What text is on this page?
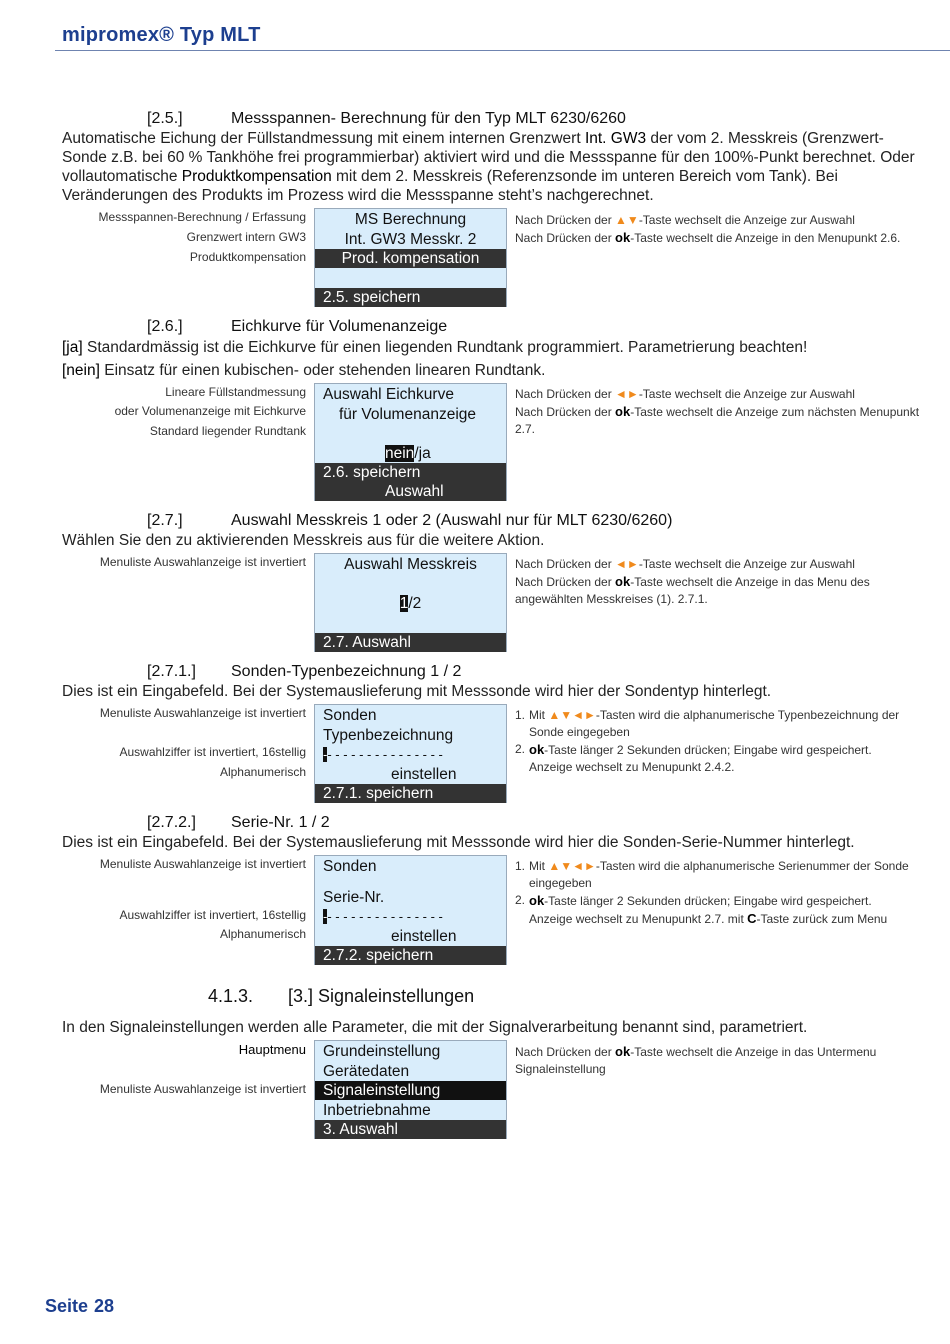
mipromex® Typ MLT
[2.5.]	Messspannen- Berechnung für den Typ MLT 6230/6260
Automatische Eichung der Füllstandmessung mit einem internen Grenzwert Int. GW3 der vom 2. Messkreis (Grenzwert-Sonde z.B. bei 60 % Tankhöhe frei programmierbar) aktiviert wird und die Messspanne für den 100%-Punkt berechnet. Oder vollautomatische Produktkompensation mit dem 2. Messkreis (Referenzsonde im unteren Bereich vom Tank). Bei Veränderungen des Produkts im Prozess wird die Messspanne steht’s nachgerechnet.
Messspannen-Berechnung / Erfassung
Grenzwert intern GW3
Produktkompensation
MS Berechnung
Int. GW3 Messkr. 2
Prod. kompensation
2.5. speichern
Nach Drücken der ▲▼-Taste wechselt die Anzeige zur Auswahl
Nach Drücken der ok-Taste wechselt die Anzeige in den Menupunkt 2.6.
[2.6.]	Eichkurve für Volumenanzeige
[ja] Standardmässig ist die Eichkurve für einen liegenden Rundtank programmiert. Parametrierung beachten!
[nein] Einsatz für einen kubischen- oder stehenden linearen Rundtank.
Lineare Füllstandmessung
oder Volumenanzeige mit Eichkurve
Standard liegender Rundtank
Auswahl Eichkurve
für Volumenanzeige
nein/ja
2.6. speichern
Auswahl
Nach Drücken der ◄►-Taste wechselt die Anzeige zur Auswahl
Nach Drücken der ok-Taste wechselt die Anzeige zum nächsten Menupunkt 2.7.
[2.7.]	Auswahl Messkreis 1 oder 2 (Auswahl nur für MLT 6230/6260)
Wählen Sie den zu aktivierenden Messkreis aus für die weitere Aktion.
Menuliste Auswahlanzeige ist invertiert	Auswahl Messkreis
1/2
2.7. Auswahl
Nach Drücken der ◄►-Taste wechselt die Anzeige zur Auswahl
Nach Drücken der ok-Taste wechselt die Anzeige in das Menu des angewählten Messkreises (1). 2.7.1.
[2.7.1.] Sonden-Typenbezeichnung 1 / 2
Dies ist ein Eingabefeld. Bei der Systemauslieferung mit Messsonde wird hier der Sondentyp hinterlegt.
Menuliste Auswahlanzeige ist invertiert
Auswahlziffer ist invertiert, 16stellig
Alphanumerisch
Sonden
Typenbezeichnung
-- - - - - - - - - - - - - - -
einstellen
2.7.1. speichern
1. Mit ▲▼◄►-Tasten wird die alphanumerische Typenbezeichnung der Sonde eingegeben
2. ok-Taste länger 2 Sekunden drücken; Eingabe wird gespeichert.
Anzeige wechselt zu Menupunkt 2.4.2.
[2.7.2.] Serie-Nr. 1 / 2
Dies ist ein Eingabefeld. Bei der Systemauslieferung mit Messsonde wird hier die Sonden-Serie-Nummer hinterlegt.
Menuliste Auswahlanzeige ist invertiert
Auswahlziffer ist invertiert, 16stellig
Alphanumerisch
Sonden
Serie-Nr.
-- - - - - - - - - - - - - - -
einstellen
2.7.2. speichern
1. Mit ▲▼◄►-Tasten wird die alphanumerische Serienummer der Sonde eingegeben
2. ok-Taste länger 2 Sekunden drücken; Eingabe wird gespeichert.
Anzeige wechselt zu Menupunkt 2.7. mit C-Taste zurück zum Menu
4.1.3. [3.] Signaleinstellungen
In den Signaleinstellungen werden alle Parameter, die mit der Signalverarbeitung benannt sind, parametriert.
Hauptmenu
Menuliste Auswahlanzeige ist invertiert
Grundeinstellung
Gerätedaten
Signaleinstellung
Inbetriebnahme
3. Auswahl
Nach Drücken der ok-Taste wechselt die Anzeige in das Untermenu Signaleinstellung
Seite 28
